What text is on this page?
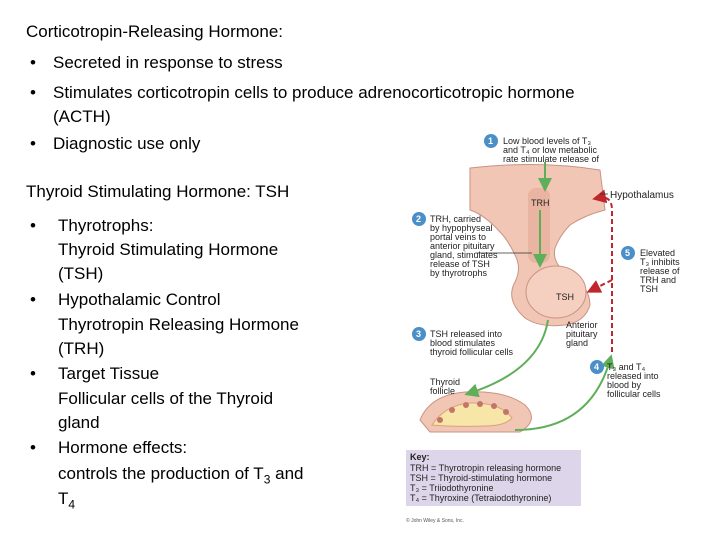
Corticotropin-Releasing Hormone:
• Secreted in response to stress
• Stimulates corticotropin cells to produce adrenocorticotropic hormone
(ACTH)
• Diagnostic use only
Thyroid Stimulating Hormone: TSH
• Thyrotrophs:
Thyroid Stimulating Hormone
(TSH)
• Hypothalamic Control
Thyrotropin Releasing Hormone
(TRH)
• Target Tissue
Follicular cells of the Thyroid
gland
• Hormone effects:
controls the production of $T_3$ and
$T_4$
1
2
3
4
5
Low blood levels of T₃
and T₄ or low metabolic
rate stimulate release of
Hypothalamus
TRH
TRH, carried
by hypophyseal
portal veins to
anterior pituitary
gland, stimulates
release of TSH
by thyrotrophs
TSH
Elevated
T₃ inhibits
release of
TRH and
TSH
Anterior
pituitary
gland
TSH released into
blood stimulates
thyroid follicular cells
T₃ and T₄
released into
blood by
follicular cells
Thyroid
follicle
Key:
TRH = Thyrotropin releasing hormone
TSH = Thyroid-stimulating hormone
T₃ = Triiodothyronine
T₄ = Thyroxine (Tetraiodothyronine)
© John Wiley & Sons, Inc.
